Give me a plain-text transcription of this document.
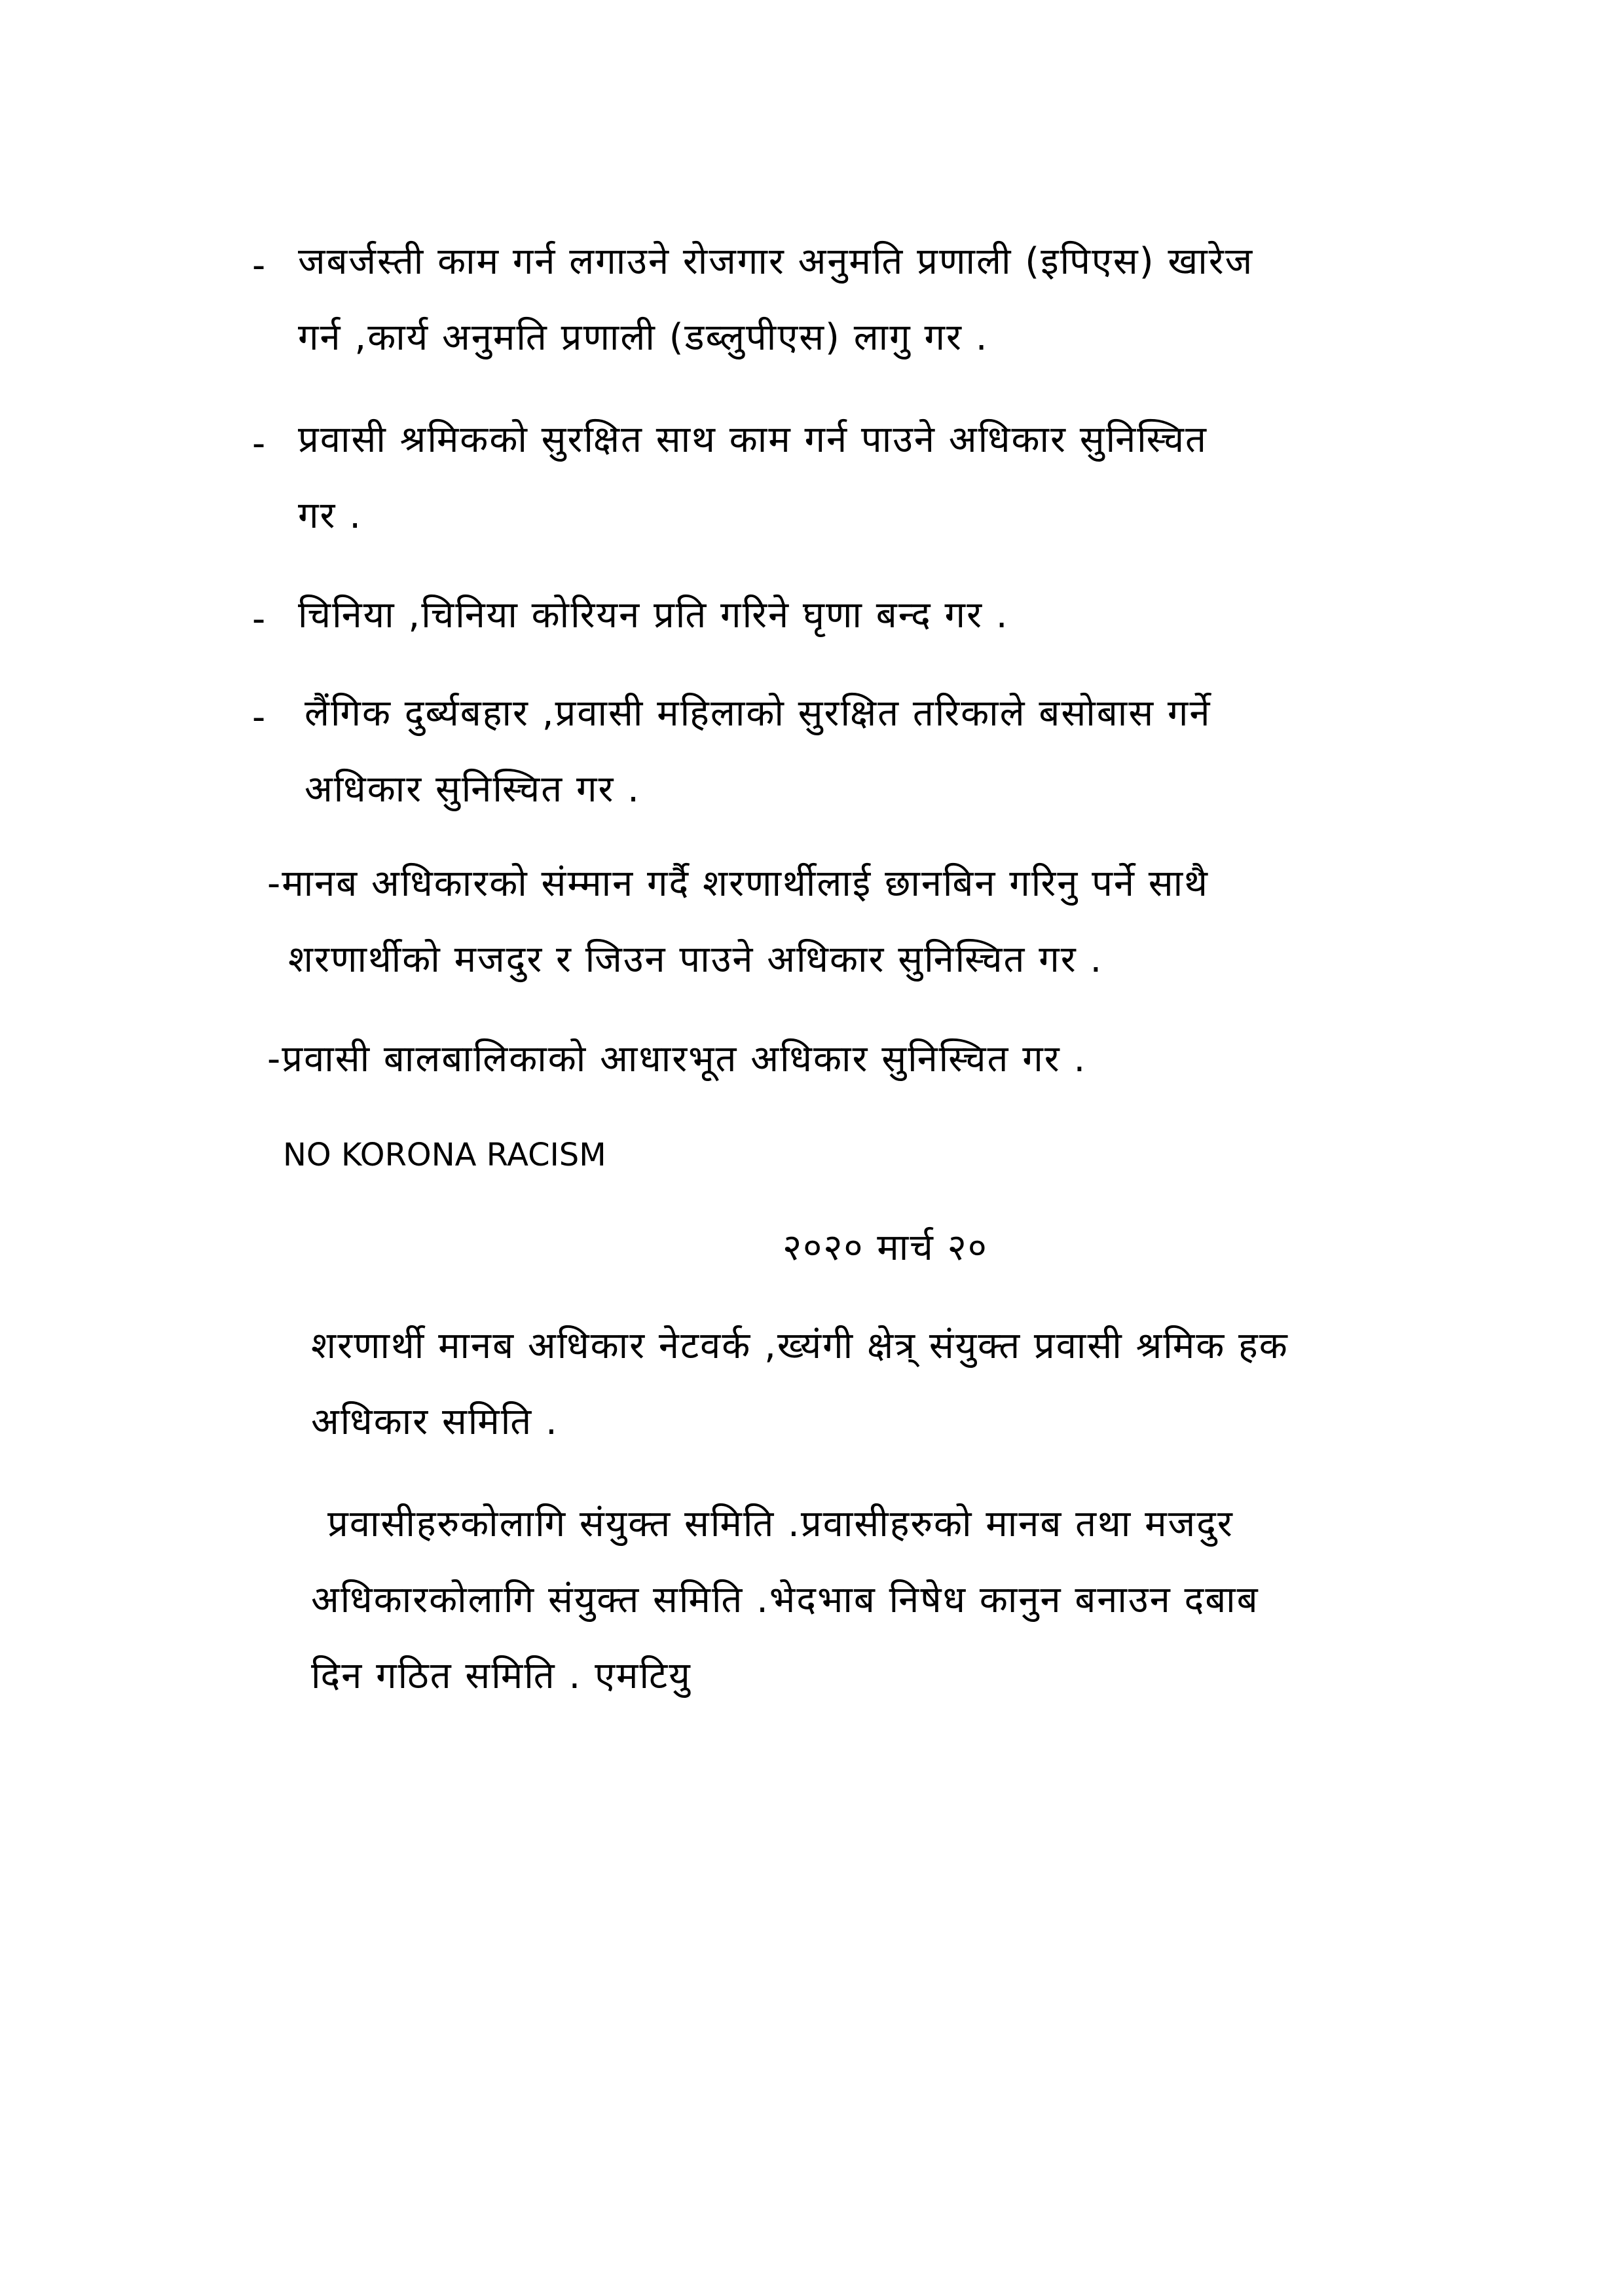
- जबर्जस्ती काम गर्न लगाउने रोजगार अनुमति प्रणाली (इपिएस) खारेज
गर्न ,कार्य अनुमति प्रणाली (डब्लुपीएस) लागु गर .
- प्रवासी श्रमिकको सुरक्षित साथ काम गर्न पाउने अधिकार सुनिस्चित
गर .
- चिनिया ,चिनिया कोरियन प्रति गरिने घृणा बन्द गर .
- लैंगिक दुर्ब्यबहार ,प्रवासी महिलाको सुरक्षित तरिकाले बसोबास गर्ने
अधिकार सुनिस्चित गर .
-मानब अधिकारको संम्मान गर्दै शरणार्थीलाई छानबिन गरिनु पर्ने साथै
शरणार्थीको मजदुर र जिउन पाउने अधिकार सुनिस्चित गर .
-प्रवासी बालबालिकाको आधारभूत अधिकार सुनिस्चित गर .
NO KORONA RACISM
२०२० मार्च २०
शरणार्थी मानब अधिकार नेटवर्क ,ख्यंगी क्षेत्र् संयुक्त प्रवासी श्रमिक हक
अधिकार समिति .
प्रवासीहरुकोलागि संयुक्त समिति .प्रवासीहरुको मानब तथा मजदुर
अधिकारकोलागि संयुक्त समिति .भेदभाब निषेध कानुन बनाउन दबाब
दिन गठित समिति . एमटियु
